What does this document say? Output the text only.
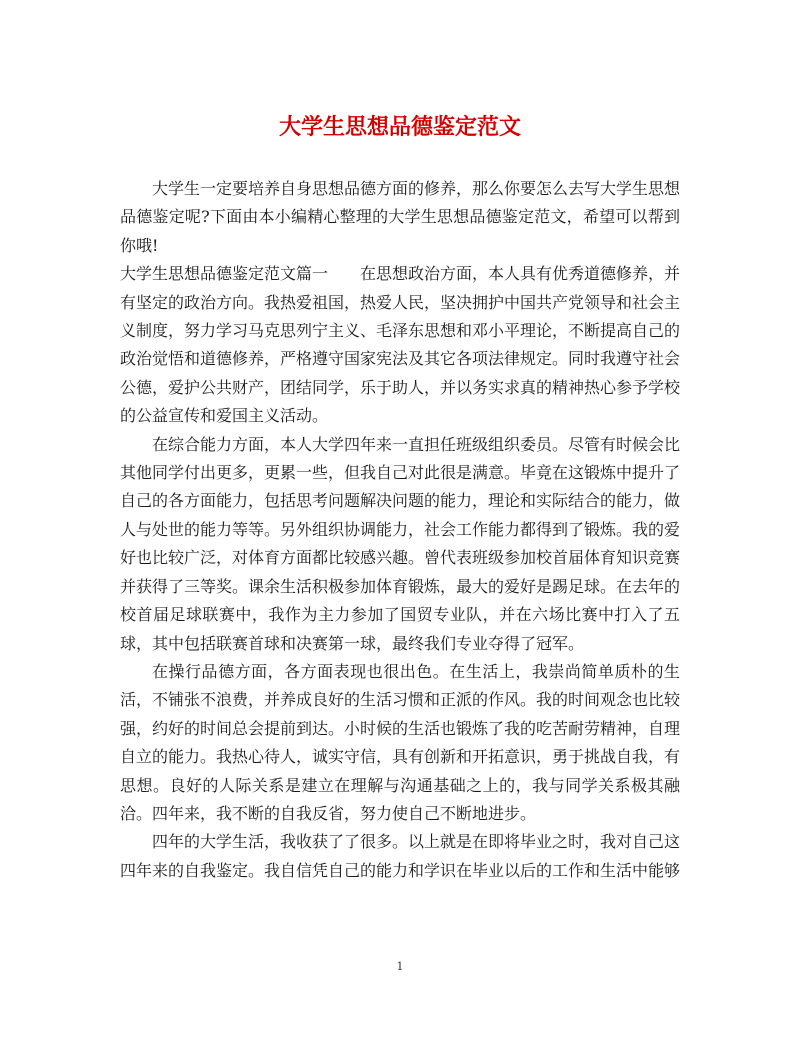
大学生思想品德鉴定范文

大学生一定要培养自身思想品德方面的修养，那么你要怎么去写大学生思想品德鉴定呢?下面由本小编精心整理的大学生思想品德鉴定范文，希望可以帮到你哦!

大学生思想品德鉴定范文篇一　　在思想政治方面，本人具有优秀道德修养，并有坚定的政治方向。我热爱祖国，热爱人民，坚决拥护中国共产党领导和社会主义制度，努力学习马克思列宁主义、毛泽东思想和邓小平理论，不断提高自己的政治觉悟和道德修养，严格遵守国家宪法及其它各项法律规定。同时我遵守社会公德，爱护公共财产，团结同学，乐于助人，并以务实求真的精神热心参予学校的公益宣传和爱国主义活动。

在综合能力方面，本人大学四年来一直担任班级组织委员。尽管有时候会比其他同学付出更多，更累一些，但我自己对此很是满意。毕竟在这锻炼中提升了自己的各方面能力，包括思考问题解决问题的能力，理论和实际结合的能力，做人与处世的能力等等。另外组织协调能力，社会工作能力都得到了锻炼。我的爱好也比较广泛，对体育方面都比较感兴趣。曾代表班级参加校首届体育知识竞赛并获得了三等奖。课余生活积极参加体育锻炼，最大的爱好是踢足球。在去年的校首届足球联赛中，我作为主力参加了国贸专业队，并在六场比赛中打入了五球，其中包括联赛首球和决赛第一球，最终我们专业夺得了冠军。

在操行品德方面，各方面表现也很出色。在生活上，我崇尚简单质朴的生活，不铺张不浪费，并养成良好的生活习惯和正派的作风。我的时间观念也比较强，约好的时间总会提前到达。小时候的生活也锻炼了我的吃苦耐劳精神，自理自立的能力。我热心待人，诚实守信，具有创新和开拓意识，勇于挑战自我，有思想。良好的人际关系是建立在理解与沟通基础之上的，我与同学关系极其融洽。四年来，我不断的自我反省，努力使自己不断地进步。

四年的大学生活，我收获了了很多。以上就是在即将毕业之时，我对自己这四年来的自我鉴定。我自信凭自己的能力和学识在毕业以后的工作和生活中能够

1
